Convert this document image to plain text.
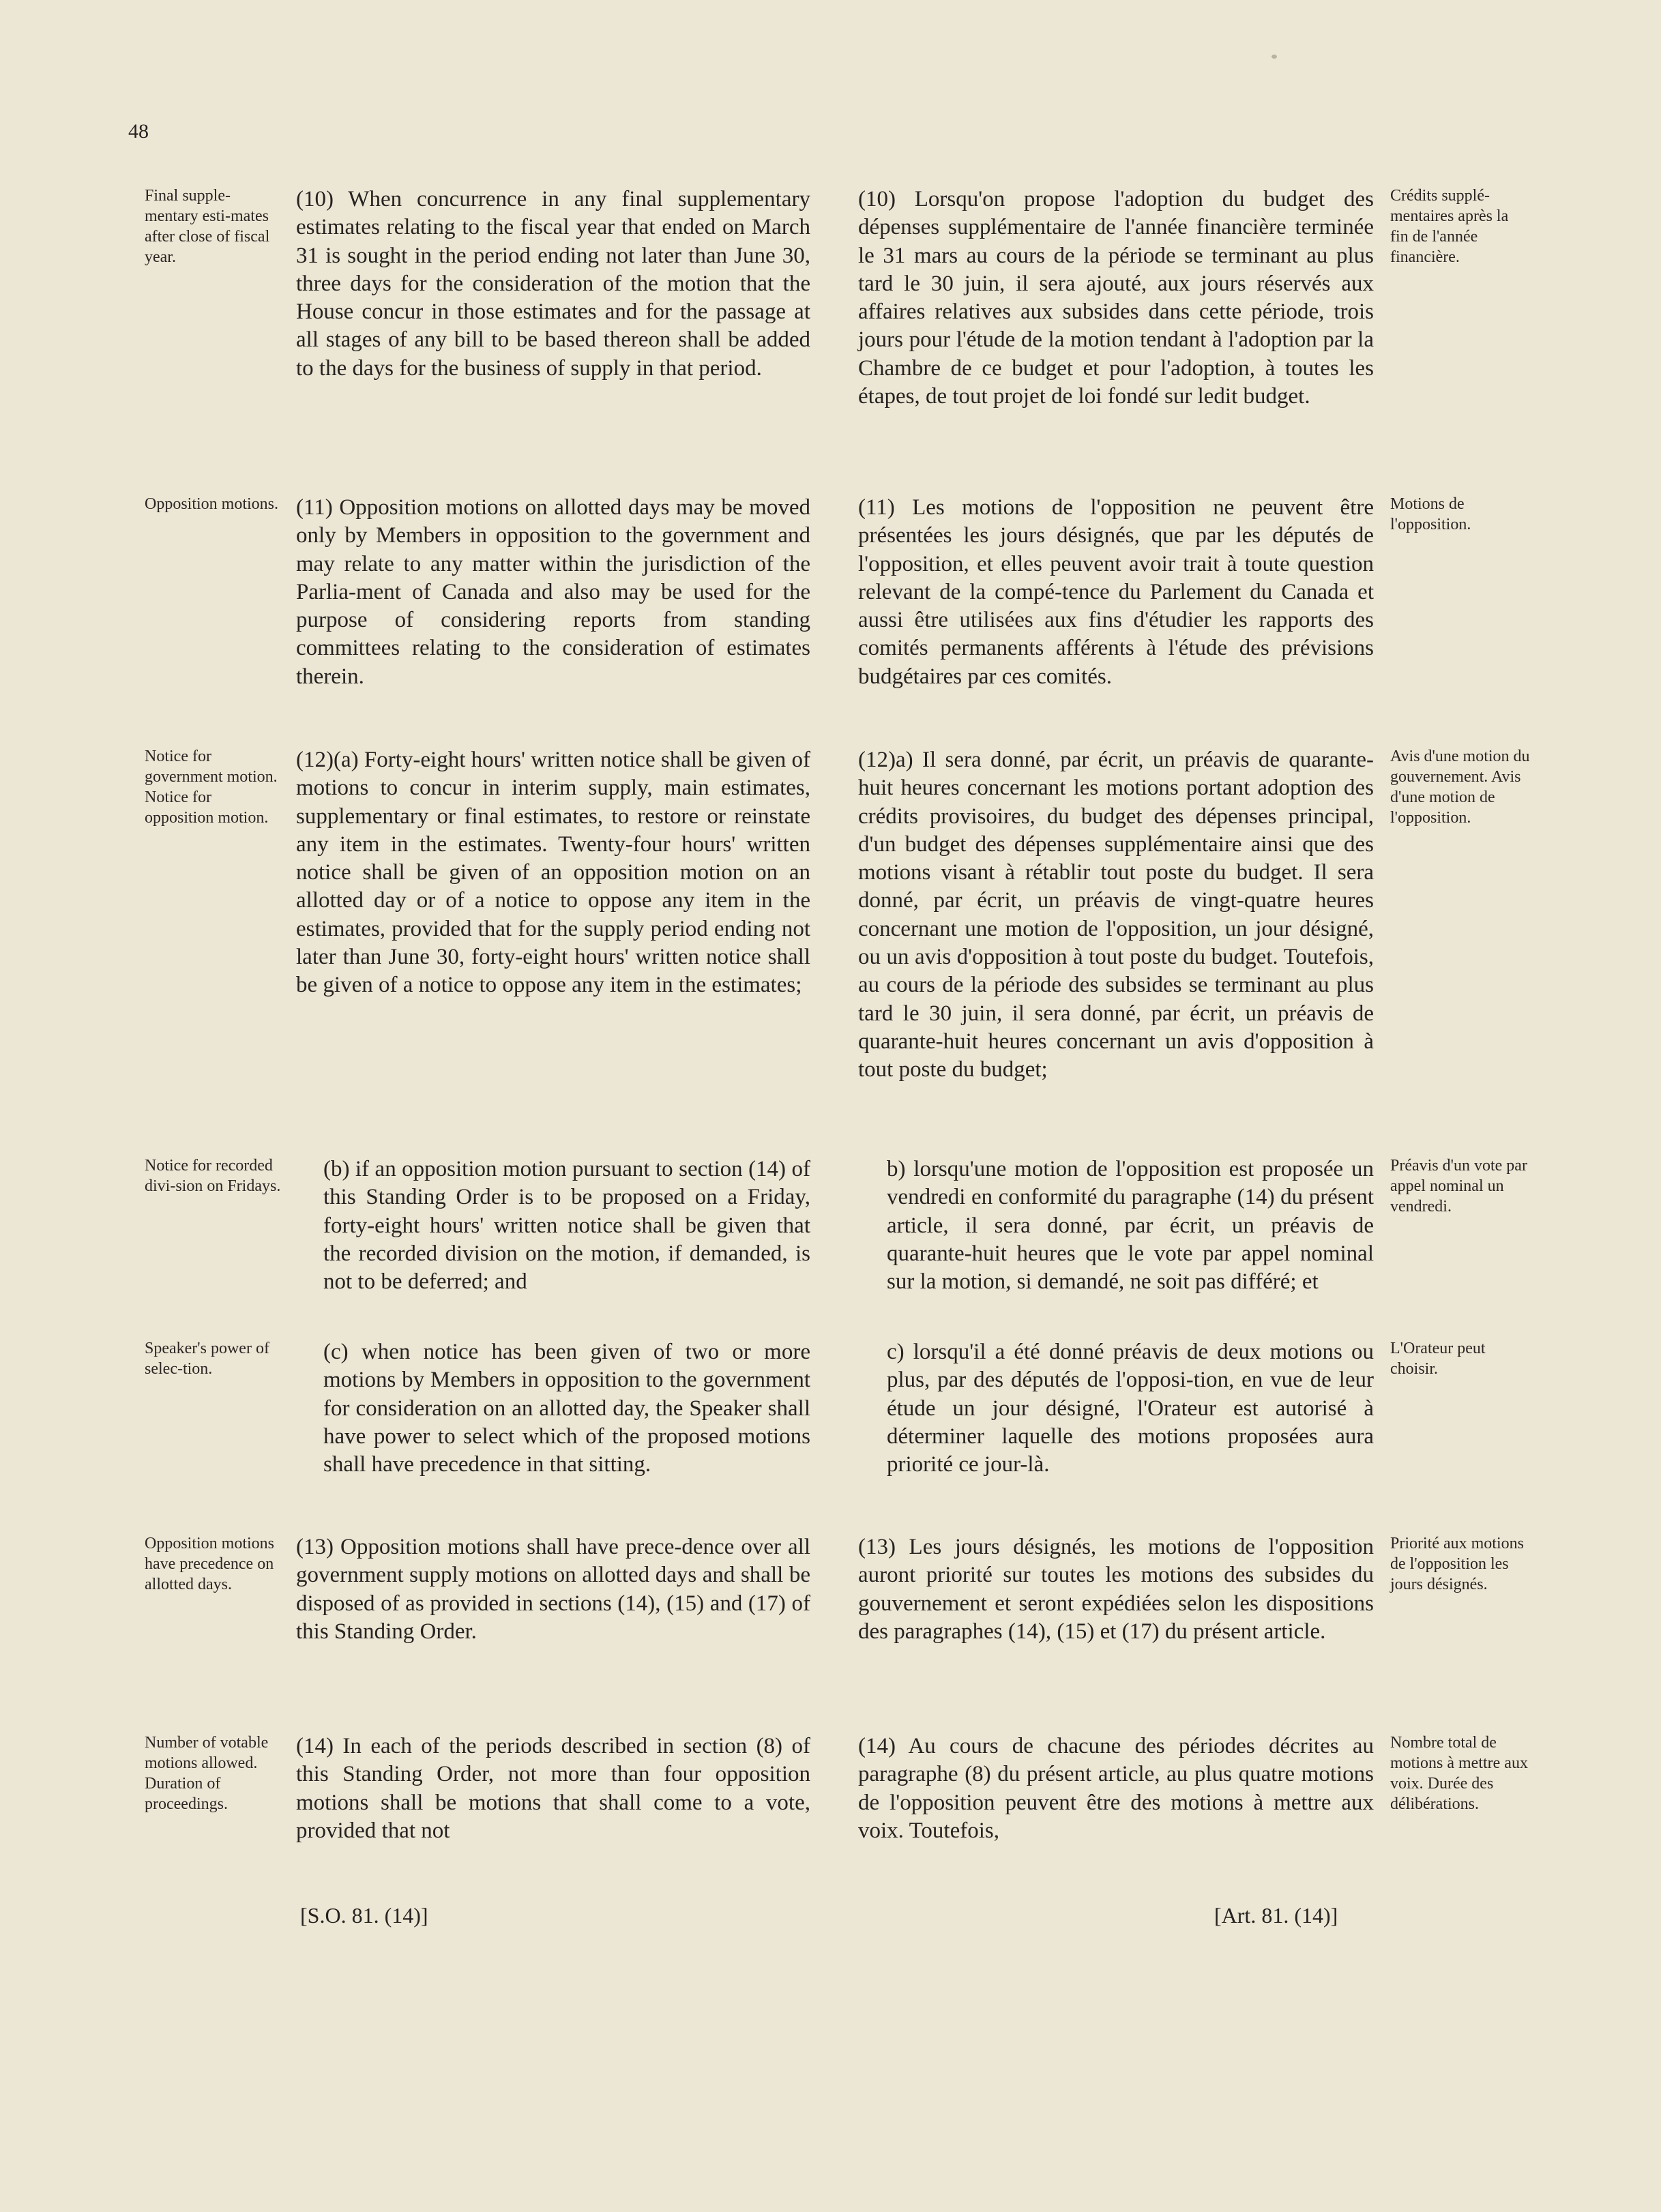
48
Final supple-mentary esti-mates after close of fiscal year.
(10) When concurrence in any final supplementary estimates relating to the fiscal year that ended on March 31 is sought in the period ending not later than June 30, three days for the consideration of the motion that the House concur in those estimates and for the passage at all stages of any bill to be based thereon shall be added to the days for the business of supply in that period.
(10) Lorsqu'on propose l'adoption du budget des dépenses supplémentaire de l'année financière terminée le 31 mars au cours de la période se terminant au plus tard le 30 juin, il sera ajouté, aux jours réservés aux affaires relatives aux subsides dans cette période, trois jours pour l'étude de la motion tendant à l'adoption par la Chambre de ce budget et pour l'adoption, à toutes les étapes, de tout projet de loi fondé sur ledit budget.
Crédits supplé-mentaires après la fin de l'année financière.
Opposition motions. (11) Opposition motions on allotted days may be moved only by Members in opposition to the government and may relate to any matter within the jurisdiction of the Parlia-ment of Canada and also may be used for the purpose of considering reports from standing committees relating to the consideration of estimates therein.
(11) Les motions de l'opposition ne peuvent être présentées les jours désignés, que par les députés de l'opposition, et elles peuvent avoir trait à toute question relevant de la compé-tence du Parlement du Canada et aussi être utilisées aux fins d'étudier les rapports des comités permanents afférents à l'étude des prévisions budgétaires par ces comités.
Motions de l'opposition.
Notice for government motion. Notice for opposition motion.
(12)(a) Forty-eight hours' written notice shall be given of motions to concur in interim supply, main estimates, supplementary or final estimates, to restore or reinstate any item in the estimates. Twenty-four hours' written notice shall be given of an opposition motion on an allotted day or of a notice to oppose any item in the estimates, provided that for the supply period ending not later than June 30, forty-eight hours' written notice shall be given of a notice to oppose any item in the estimates;
(12)a) Il sera donné, par écrit, un préavis de quarante-huit heures concernant les motions portant adoption des crédits provisoires, du budget des dépenses principal, d'un budget des dépenses supplémentaire ainsi que des motions visant à rétablir tout poste du budget. Il sera donné, par écrit, un préavis de vingt-quatre heures concernant une motion de l'opposition, un jour désigné, ou un avis d'opposition à tout poste du budget. Toutefois, au cours de la période des subsides se terminant au plus tard le 30 juin, il sera donné, par écrit, un préavis de quarante-huit heures concernant un avis d'opposition à tout poste du budget;
Avis d'une motion du gouvernement. Avis d'une motion de l'opposition.
Notice for recorded divi-sion on Fridays.
(b) if an opposition motion pursuant to section (14) of this Standing Order is to be proposed on a Friday, forty-eight hours' written notice shall be given that the recorded division on the motion, if demanded, is not to be deferred; and
b) lorsqu'une motion de l'opposition est proposée un vendredi en conformité du paragraphe (14) du présent article, il sera donné, par écrit, un préavis de quarante-huit heures que le vote par appel nominal sur la motion, si demandé, ne soit pas différé; et
Préavis d'un vote par appel nominal un vendredi.
Speaker's power of selec-tion.
(c) when notice has been given of two or more motions by Members in opposition to the government for consideration on an allotted day, the Speaker shall have power to select which of the proposed motions shall have precedence in that sitting.
c) lorsqu'il a été donné préavis de deux motions ou plus, par des députés de l'opposi-tion, en vue de leur étude un jour désigné, l'Orateur est autorisé à déterminer laquelle des motions proposées aura priorité ce jour-là.
L'Orateur peut choisir.
Opposition motions have precedence on allotted days.
(13) Opposition motions shall have prece-dence over all government supply motions on allotted days and shall be disposed of as provided in sections (14), (15) and (17) of this Standing Order.
(13) Les jours désignés, les motions de l'opposition auront priorité sur toutes les motions des subsides du gouvernement et seront expédiées selon les dispositions des paragraphes (14), (15) et (17) du présent article.
Priorité aux motions de l'opposition les jours désignés.
Number of votable motions allowed. Duration of proceedings.
(14) In each of the periods described in section (8) of this Standing Order, not more than four opposition motions shall be motions that shall come to a vote, provided that not
(14) Au cours de chacune des périodes décrites au paragraphe (8) du présent article, au plus quatre motions de l'opposition peuvent être des motions à mettre aux voix. Toutefois,
Nombre total de motions à mettre aux voix. Durée des délibérations.
[S.O. 81. (14)]	[Art. 81. (14)]
